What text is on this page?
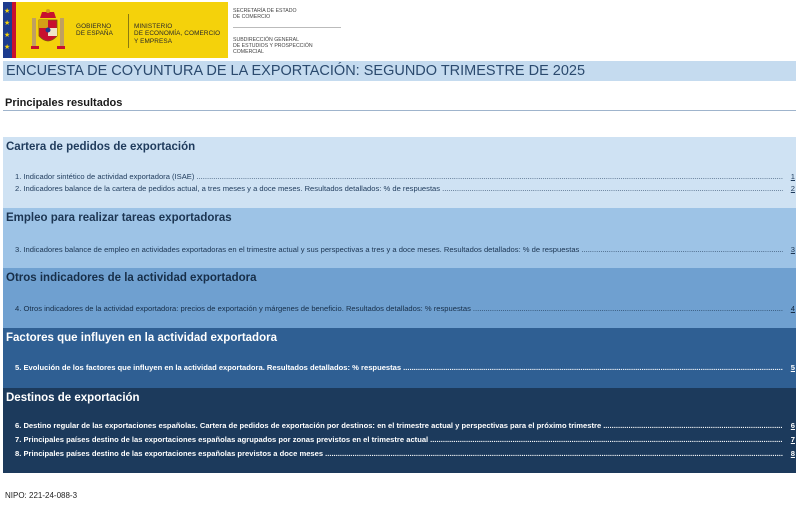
★
★
★
★
GOBIERNO
DE ESPAÑA
MINISTERIO
DE ECONOMÍA, COMERCIO
Y EMPRESA
SECRETARÍA DE ESTADO
DE COMERCIO
SUBDIRECCIÓN GENERAL
DE ESTUDIOS Y PROSPECCIÓN COMERCIAL
ENCUESTA DE COYUNTURA DE LA EXPORTACIÓN: SEGUNDO TRIMESTRE DE 2025
Principales resultados
Cartera de pedidos de exportación
1. Indicador sintético de actividad exportadora (ISAE) .....	1
2. Indicadores balance de la cartera de pedidos actual, a tres meses y a doce meses. Resultados detallados: % de respuestas .....	2
Empleo para realizar tareas exportadoras
3. Indicadores balance de empleo en actividades exportadoras en el trimestre actual y sus perspectivas a tres y a doce meses. Resultados detallados: % de respuestas .....	3
Otros indicadores de la actividad exportadora
4. Otros indicadores de la actividad exportadora: precios de exportación y márgenes de beneficio. Resultados detallados: % respuestas .....	4
Factores que influyen en la actividad exportadora
5. Evolución de los factores que influyen en la actividad exportadora. Resultados detallados: % respuestas .....	5
Destinos de exportación
6. Destino regular de las exportaciones españolas. Cartera de pedidos de exportación por destinos: en el trimestre actual y perspectivas para el próximo trimestre .....	6
7. Principales países destino de las exportaciones españolas agrupados por zonas previstos en el trimestre actual .....	7
8. Principales países destino de las exportaciones españolas previstos a doce meses .....	8
NIPO: 221-24-088-3
